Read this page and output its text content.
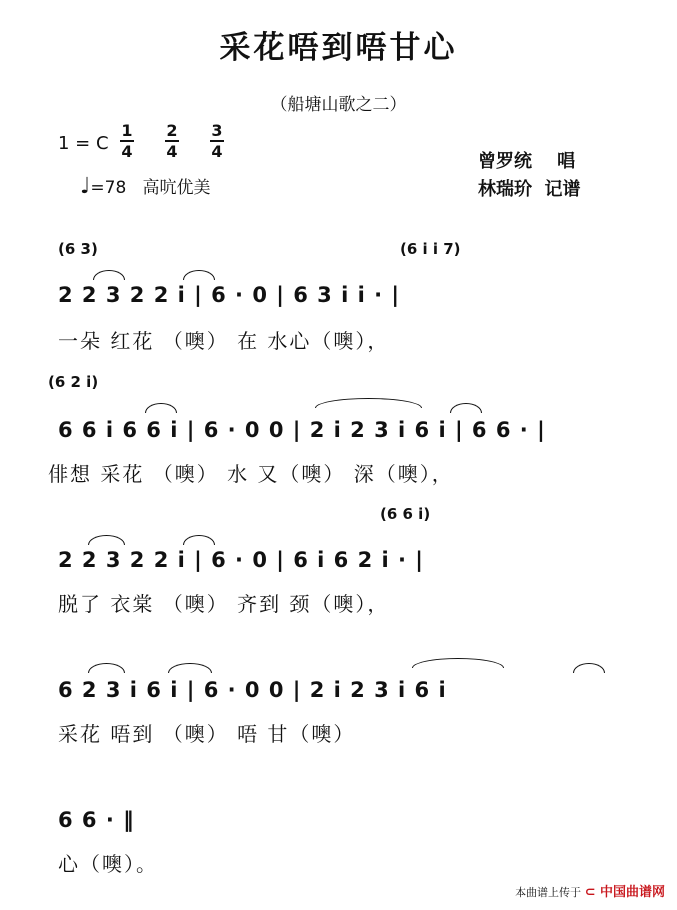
采花唔到唔甘心
（船塘山歌之二）
1 = C
1
4
2
4
3
4
♩=78 高吭优美
曾罗统 唱
林瑞玠 记谱
(6 3)	(6 i i 7)
2 2 3 2 2 i | 6 · 0 | 6 3 i i · |
一朵 红花 （噢） 在 水心（噢），
(6 2 i)
6 6 i 6 6 i | 6 · 0 0 | 2 i 2 3 i 6 i | 6 6 · |
俳想 采花 （噢） 水 又（噢） 深（噢），
(6 6 i)
2 2 3 2 2 i | 6 · 0 | 6 i 6 2 i · |
脱了 衣棠 （噢） 齐到 颈（噢），
6 2 3 i 6 i | 6 · 0 0 | 2 i 2 3 i 6 i
采花 唔到 （噢） 唔 甘（噢）
6 6 · ‖
心（噢）。
本曲谱上传于 ⊂ 中国曲谱网
